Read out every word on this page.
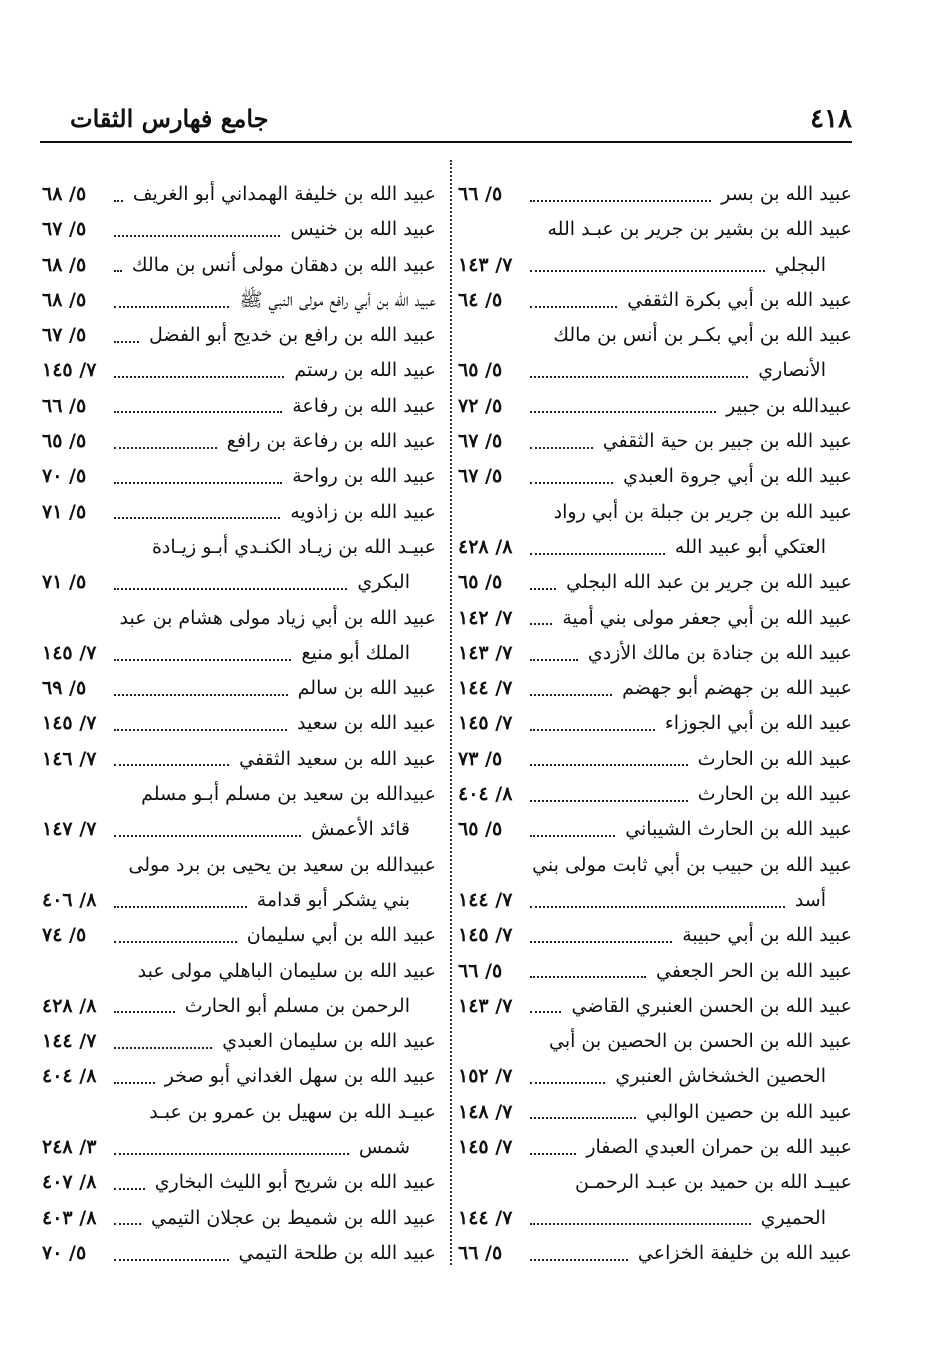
٤١٨
جامع فهارس الثقات
عبيد الله بن بسر
٥/ ٦٦
عبيد الله بن بشير بن جرير بن عبـد الله
البجلي
٧/ ١٤٣
عبيد الله بن أبي بكرة الثقفي
٥/ ٦٤
عبيد الله بن أبي بكـر بن أنس بن مالك
الأنصاري
٥/ ٦٥
عبيدالله بن جبير
٥/ ٧٢
عبيد الله بن جبير بن حية الثقفي
٥/ ٦٧
عبيد الله بن أبي جروة العبدي
٥/ ٦٧
عبيد الله بن جرير بن جبلة بن أبي رواد
العتكي أبو عبيد الله
٨/ ٤٢٨
عبيد الله بن جرير بن عبد الله البجلي
٥/ ٦٥
عبيد الله بن أبي جعفر مولى بني أمية
٧/ ١٤٢
عبيد الله بن جنادة بن مالك الأزدي
٧/ ١٤٣
عبيد الله بن جهضم أبو جهضم
٧/ ١٤٤
عبيد الله بن أبي الجوزاء
٧/ ١٤٥
عبيد الله بن الحارث
٥/ ٧٣
عبيد الله بن الحارث
٨/ ٤٠٤
عبيد الله بن الحارث الشيباني
٥/ ٦٥
عبيد الله بن حبيب بن أبي ثابت مولى بني
أسد
٧/ ١٤٤
عبيد الله بن أبي حبيبة
٧/ ١٤٥
عبيد الله بن الحر الجعفي
٥/ ٦٦
عبيد الله بن الحسن العنبري القاضي
٧/ ١٤٣
عبيد الله بن الحسن بن الحصين بن أبي
الحصين الخشخاش العنبري
٧/ ١٥٢
عبيد الله بن حصين الوالبي
٧/ ١٤٨
عبيد الله بن حمران العبدي الصفار
٧/ ١٤٥
عبيـد الله بن حميد بن عبـد الرحمـن
الحميري
٧/ ١٤٤
عبيد الله بن خليفة الخزاعي
٥/ ٦٦
عبيد الله بن خليفة الهمداني أبو الغريف
٥/ ٦٨
عبيد الله بن خنيس
٥/ ٦٧
عبيد الله بن دهقان مولى أنس بن مالك
٥/ ٦٨
عبيد الله بن أبي رافع مولى النبي ﷺ
٥/ ٦٨
عبيد الله بن رافع بن خديج أبو الفضل
٥/ ٦٧
عبيد الله بن رستم
٧/ ١٤٥
عبيد الله بن رفاعة
٥/ ٦٦
عبيد الله بن رفاعة بن رافع
٥/ ٦٥
عبيد الله بن رواحة
٥/ ٧٠
عبيد الله بن زاذويه
٥/ ٧١
عبيـد الله بن زيـاد الكنـدي أبـو زيـادة
البكري
٥/ ٧١
عبيد الله بن أبي زياد مولى هشام بن عبد
الملك أبو منيع
٧/ ١٤٥
عبيد الله بن سالم
٥/ ٦٩
عبيد الله بن سعيد
٧/ ١٤٥
عبيد الله بن سعيد الثقفي
٧/ ١٤٦
عبيدالله بن سعيد بن مسلم أبـو مسلم
قائد الأعمش
٧/ ١٤٧
عبيدالله بن سعيد بن يحيى بن برد مولى
بني يشكر أبو قدامة
٨/ ٤٠٦
عبيد الله بن أبي سليمان
٥/ ٧٤
عبيد الله بن سليمان الباهلي مولى عبد
الرحمن بن مسلم أبو الحارث
٨/ ٤٢٨
عبيد الله بن سليمان العبدي
٧/ ١٤٤
عبيد الله بن سهل الغداني أبو صخر
٨/ ٤٠٤
عبيـد الله بن سهيل بن عمرو بن عبـد
شمس
٣/ ٢٤٨
عبيد الله بن شريح أبو الليث البخاري
٨/ ٤٠٧
عبيد الله بن شميط بن عجلان التيمي
٨/ ٤٠٣
عبيد الله بن طلحة التيمي
٥/ ٧٠
